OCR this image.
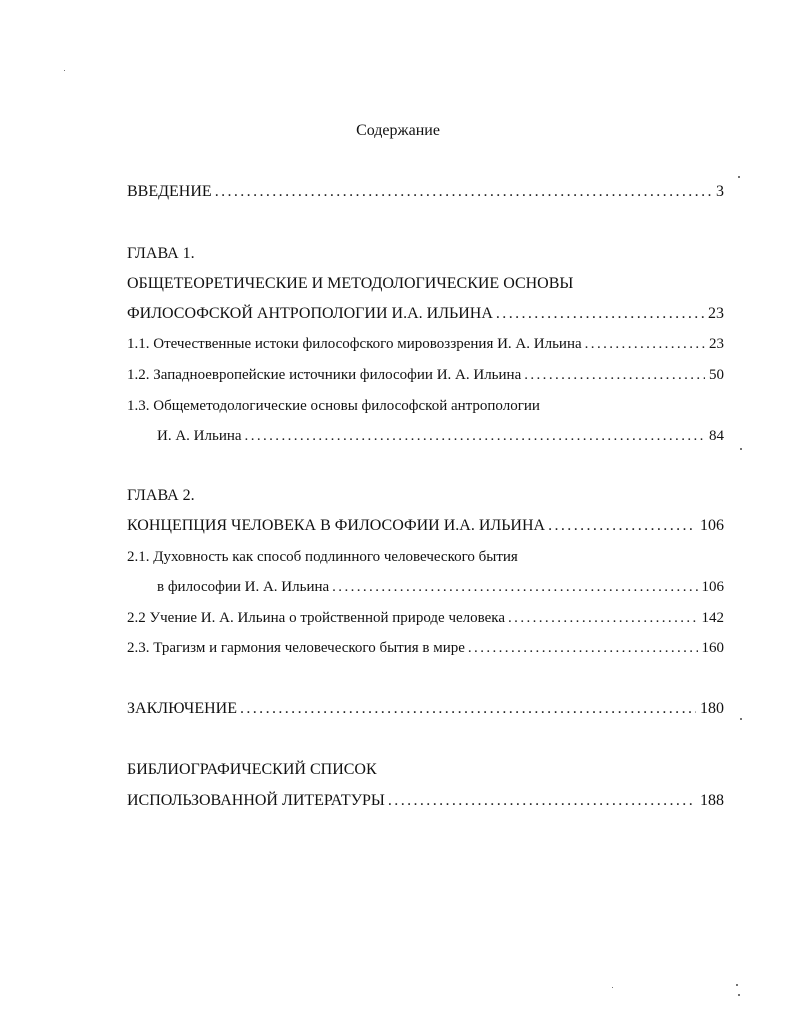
Содержание
ВВЕДЕНИЕ .....	3
ГЛАВА 1.
ОБЩЕТЕОРЕТИЧЕСКИЕ И МЕТОДОЛОГИЧЕСКИЕ ОСНОВЫ
ФИЛОСОФСКОЙ АНТРОПОЛОГИИ И.А. ИЛЬИНА .....	23
1.1. Отечественные истоки философского мировоззрения И. А. Ильина .....	23
1.2. Западноевропейские источники философии И. А. Ильина .....	50
1.3. Общеметодологические основы философской антропологии
И. А. Ильина .....	84
ГЛАВА 2.
КОНЦЕПЦИЯ ЧЕЛОВЕКА В ФИЛОСОФИИ И.А. ИЛЬИНА .....	106
2.1. Духовность как способ подлинного человеческого бытия
в философии И. А. Ильина .....	106
2.2 Учение И. А. Ильина о тройственной природе человека .....	142
2.3. Трагизм и гармония человеческого бытия в мире .....	160
ЗАКЛЮЧЕНИЕ .....	180
БИБЛИОГРАФИЧЕСКИЙ СПИСОК
ИСПОЛЬЗОВАННОЙ ЛИТЕРАТУРЫ .....	188
